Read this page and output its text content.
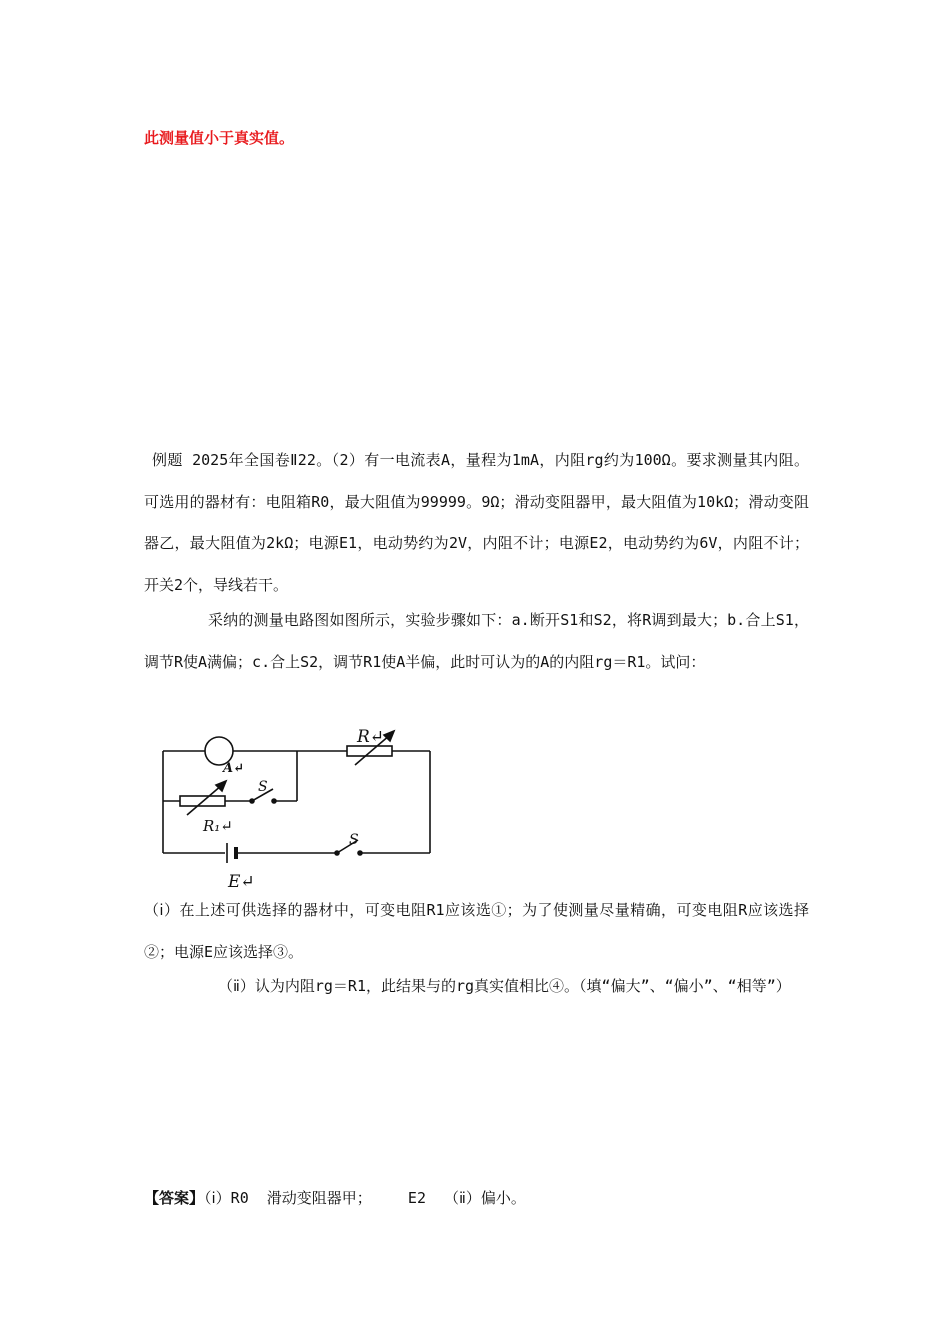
此测量值小于真实值。

例题 2025年全国卷Ⅱ22。（2）有一电流表A，量程为1mA，内阻rg约为100Ω。要求测量其内阻。可选用的器材有：电阻箱R0，最大阻值为99999。9Ω；滑动变阻器甲，最大阻值为10kΩ；滑动变阻器乙，最大阻值为2kΩ；电源E1，电动势约为2V，内阻不计；电源E2，电动势约为6V，内阻不计；开关2个，导线若干。

采纳的测量电路图如图所示，实验步骤如下：a.断开S1和S2，将R调到最大；b.合上S1，调节R使A满偏；c.合上S2，调节R1使A半偏，此时可认为的A的内阻rg＝R1。试问：

R↵
A↵
S
R₁↵
S
E↵

（ⅰ）在上述可供选择的器材中，可变电阻R1应该选①；为了使测量尽量精确，可变电阻R应该选择②；电源E应该选择③。

（ⅱ）认为内阻rg＝R1，此结果与的rg真实值相比④。（填“偏大”、“偏小”、“相等”）

【答案】（ⅰ）R0  滑动变阻器甲；    E2  （ⅱ）偏小。
